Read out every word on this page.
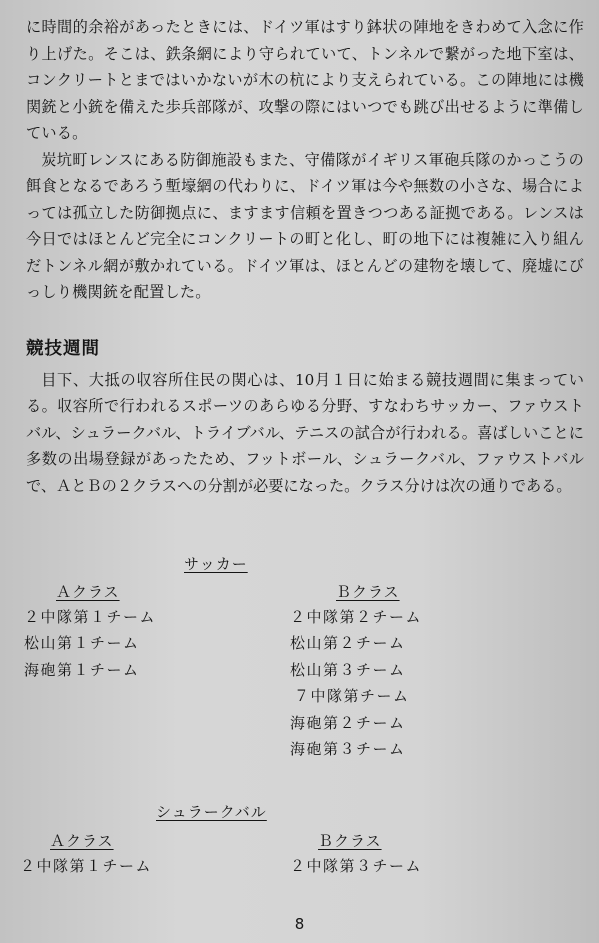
に時間的余裕があったときには、ドイツ軍はすり鉢状の陣地をきわめて入念に作り上げた。そこは、鉄条網により守られていて、トンネルで繋がった地下室は、コンクリートとまではいかないが木の杭により支えられている。この陣地には機関銃と小銃を備えた歩兵部隊が、攻撃の際にはいつでも跳び出せるように準備している。

炭坑町レンスにある防御施設もまた、守備隊がイギリス軍砲兵隊のかっこうの餌食となるであろう塹壕網の代わりに、ドイツ軍は今や無数の小さな、場合によっては孤立した防御拠点に、ますます信頼を置きつつある証拠である。レンスは今日ではほとんど完全にコンクリートの町と化し、町の地下には複雑に入り組んだトンネル網が敷かれている。ドイツ軍は、ほとんどの建物を壊して、廃墟にびっしり機関銃を配置した。

競技週間

目下、大抵の収容所住民の関心は、10月１日に始まる競技週間に集まっている。収容所で行われるスポーツのあらゆる分野、すなわちサッカー、ファウストバル、シュラークバル、トライブバル、テニスの試合が行われる。喜ばしいことに多数の出場登録があったため、フットボール、シュラークバル、ファウストバルで、ＡとＢの２クラスへの分割が必要になった。クラス分けは次の通りである。

サッカー
Ａクラス
２中隊第１チーム
松山第１チーム
海砲第１チーム
Ｂクラス
２中隊第２チーム
松山第２チーム
松山第３チーム
７中隊第チーム
海砲第２チーム
海砲第３チーム
シュラークバル
Ａクラス
２中隊第１チーム
Ｂクラス
２中隊第３チーム
8
